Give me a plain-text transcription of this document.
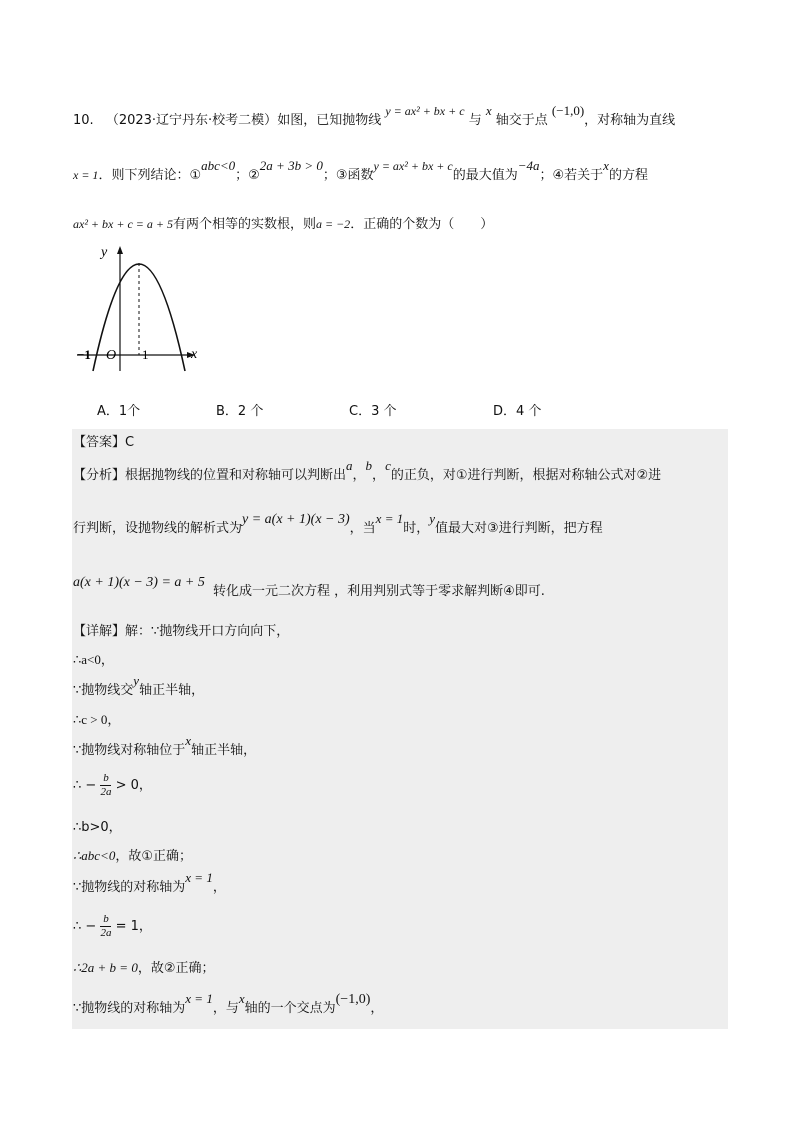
10. （2023·辽宁丹东·校考二模）如图，已知抛物线 y = ax² + bx + c 与 x 轴交于点 (−1,0)，对称轴为直线
x = 1．则下列结论：①abc<0；②2a + 3b > 0；③函数y = ax² + bx + c的最大值为−4a；④若关于x的方程
ax² + bx + c = a + 5有两个相等的实数根，则a = −2．正确的个数为（　　）
y
x
O
−1	1
A．1个	B．2 个	C．3 个	D．4 个
【答案】C
【分析】根据抛物线的位置和对称轴可以判断出a，b，c的正负，对①进行判断，根据对称轴公式对②进
行判断，设抛物线的解析式为y = a(x + 1)(x − 3)，当x = 1时，y值最大对③进行判断，把方程
a(x + 1)(x − 3) = a + 5 转化成一元二次方程 ，利用判别式等于零求解判断④即可.
【详解】解：∵抛物线开口方向向下，
∴a<0，
∵抛物线交y轴正半轴，
∴c > 0，
∵抛物线对称轴位于x轴正半轴，
∴ − $\frac{b}{2a} > 0$，
∴b>0，
∴abc<0，故①正确；
∵抛物线的对称轴为x = 1，
∴ − $\frac{b}{2a} = 1$，
∴2a + b = 0，故②正确；
∵抛物线的对称轴为x = 1，与x轴的一个交点为(−1,0)，
